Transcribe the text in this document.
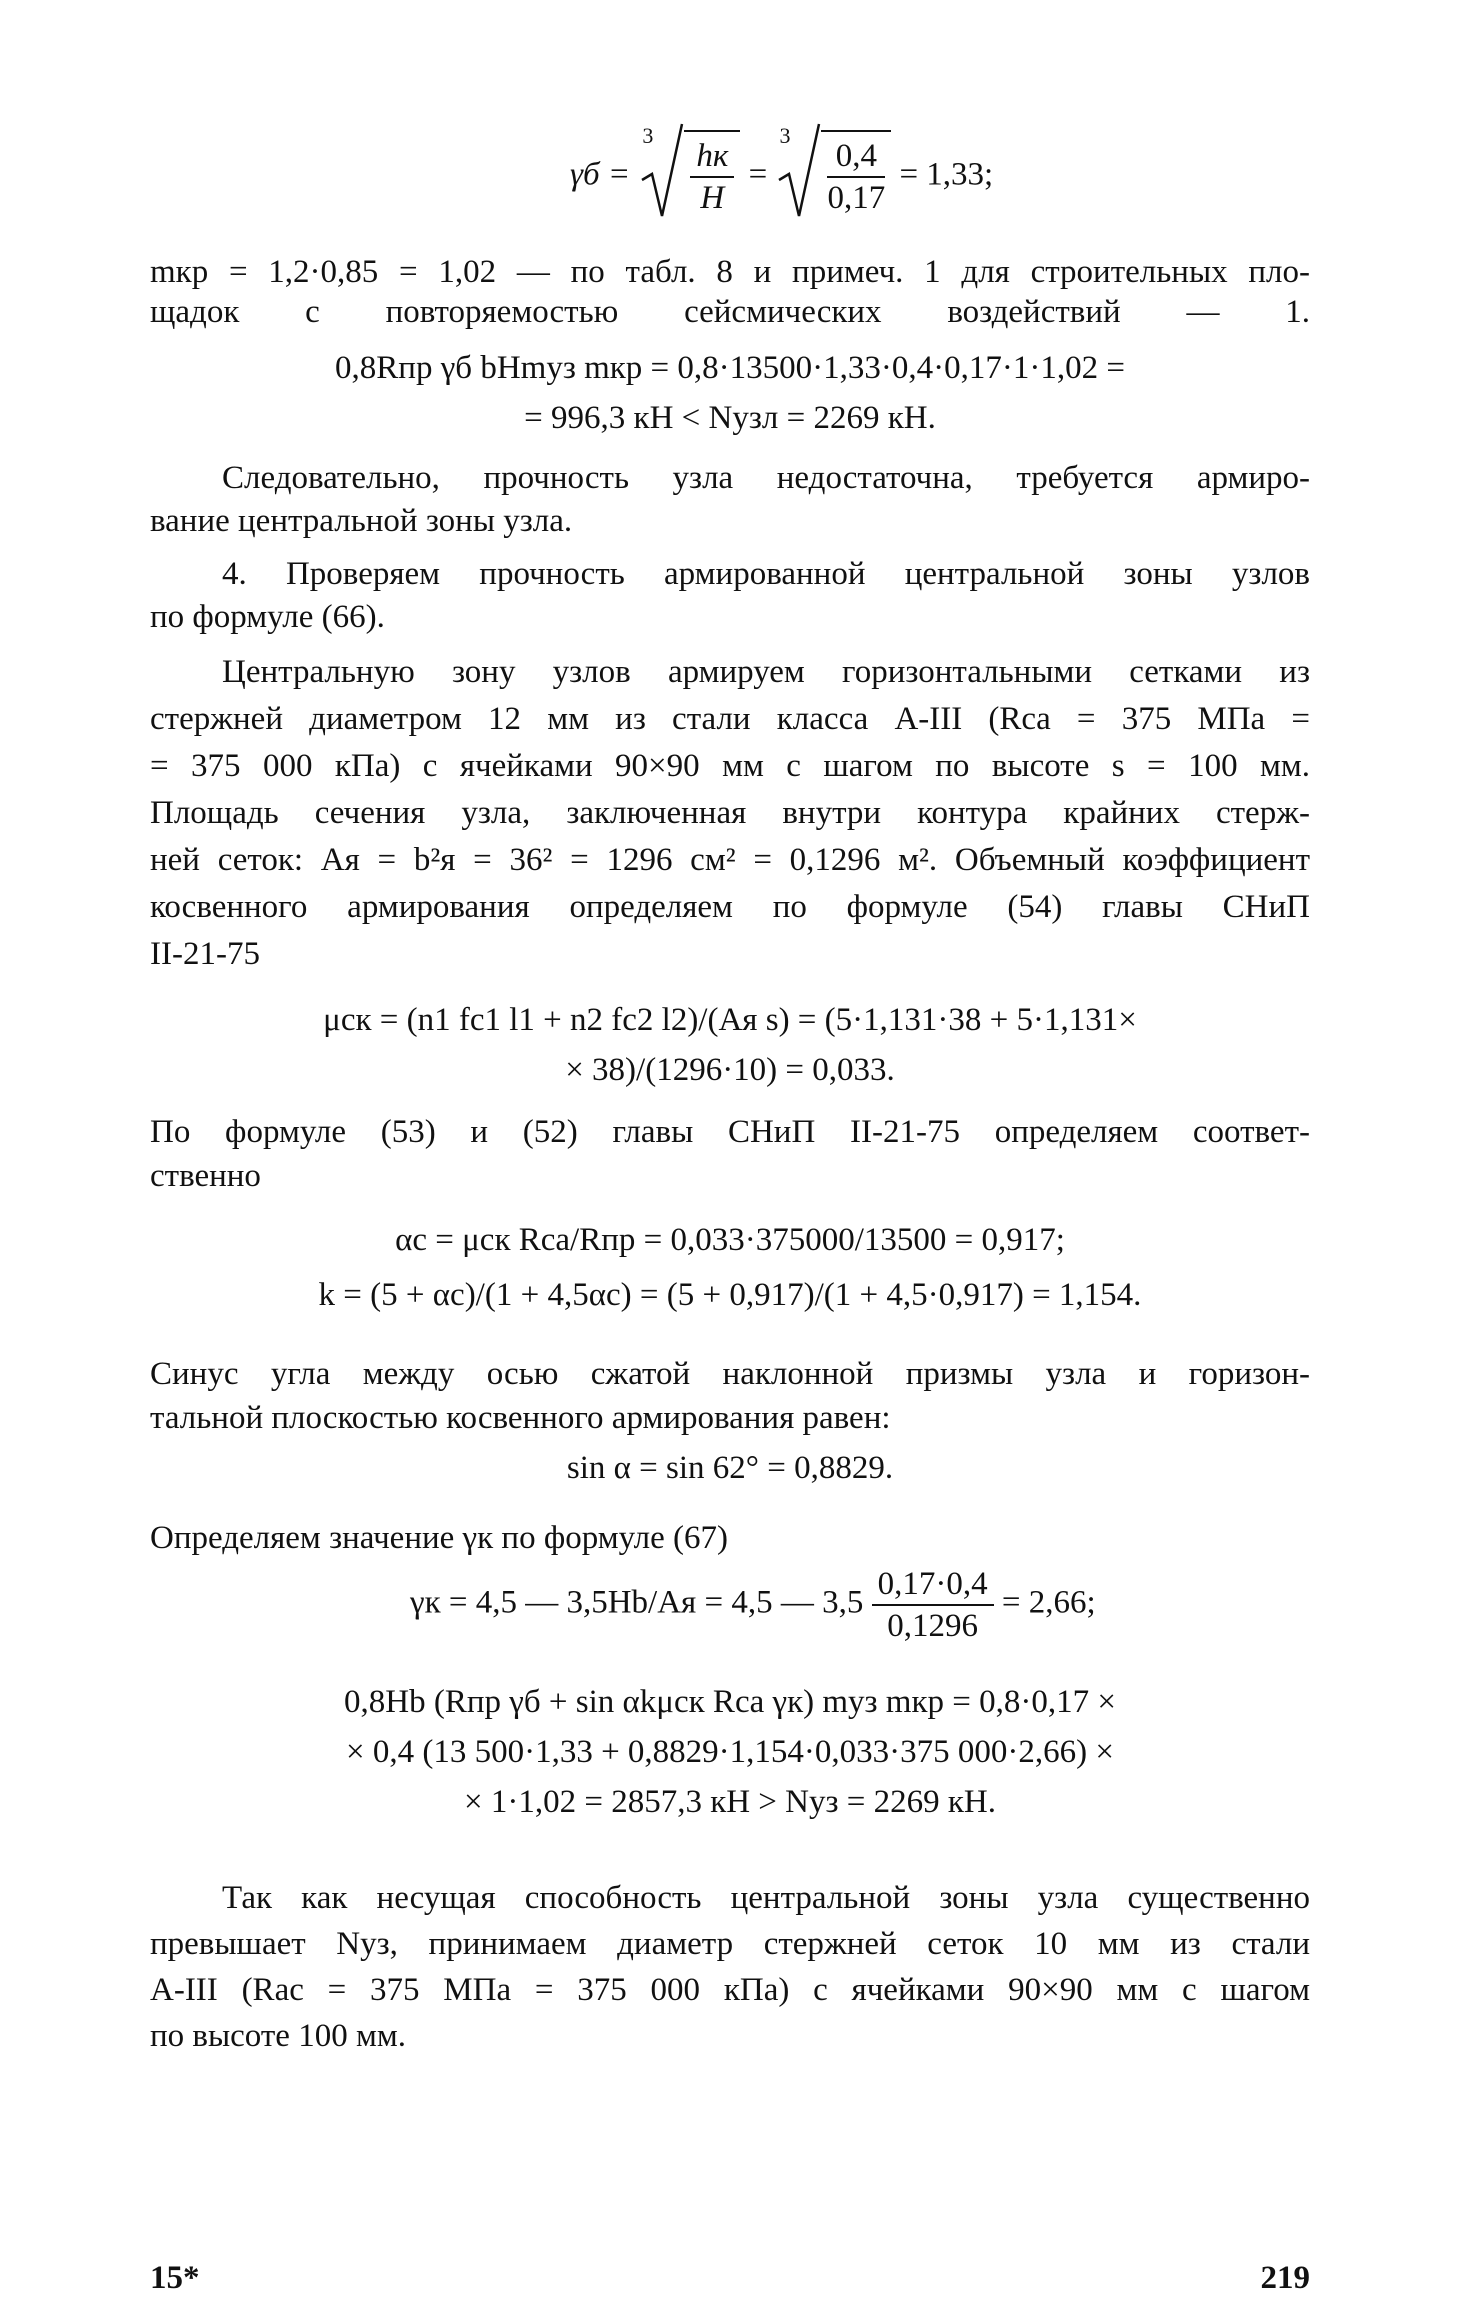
γб =
3
$\frac{hк}{H}$ =
3
$\frac{0,4}{0,17} = 1,33$;
mкр = 1,2·0,85 = 1,02 — по табл. 8 и примеч. 1 для строительных пло-
щадок с повторяемостью сейсмических воздействий — 1.
0,8Rпр γб bHmуз mкр = 0,8·13500·1,33·0,4·0,17·1·1,02 =
= 996,3 кН < Nузл = 2269 кН.
Следовательно, прочность узла недостаточна, требуется армиро-
вание центральной зоны узла.
4. Проверяем прочность армированной центральной зоны узлов
по формуле (66).
Центральную зону узлов армируем горизонтальными сетками из
стержней диаметром 12 мм из стали класса А-III (Rсa = 375 МПа =
= 375 000 кПа) с ячейками 90×90 мм с шагом по высоте s = 100 мм.
Площадь сечения узла, заключенная внутри контура крайних стерж-
ней сеток: Aя = b²я = 36² = 1296 см² = 0,1296 м². Объемный коэффициент
косвенного армирования определяем по формуле (54) главы СНиП
II-21-75
μск = (n1 fc1 l1 + n2 fc2 l2)/(Aя s) = (5·1,131·38 + 5·1,131×
× 38)/(1296·10) = 0,033.
По формуле (53) и (52) главы СНиП II-21-75 определяем соответ-
ственно
αс = μск Rсa/Rпр = 0,033·375000/13500 = 0,917;
k = (5 + αс)/(1 + 4,5αс) = (5 + 0,917)/(1 + 4,5·0,917) = 1,154.
Синус угла между осью сжатой наклонной призмы узла и горизон-
тальной плоскостью косвенного армирования равен:
sin α = sin 62° = 0,8829.
Определяем значение γк по формуле (67)
γк = 4,5 — 3,5Hb/Aя = 4,5 — $3,5 \frac{0,17\cdot 0,4}{0,1296} = 2,66$;
0,8Hb (Rпр γб + sin αkμск Rсa γк) mуз mкр = 0,8·0,17 ×
× 0,4 (13 500·1,33 + 0,8829·1,154·0,033·375 000·2,66) ×
× 1·1,02 = 2857,3 кН > Nуз = 2269 кН.
Так как несущая способность центральной зоны узла существенно
превышает Nуз, принимаем диаметр стержней сеток 10 мм из стали
А-III (Rас = 375 МПа = 375 000 кПа) с ячейками 90×90 мм с шагом
по высоте 100 мм.
15*	219
